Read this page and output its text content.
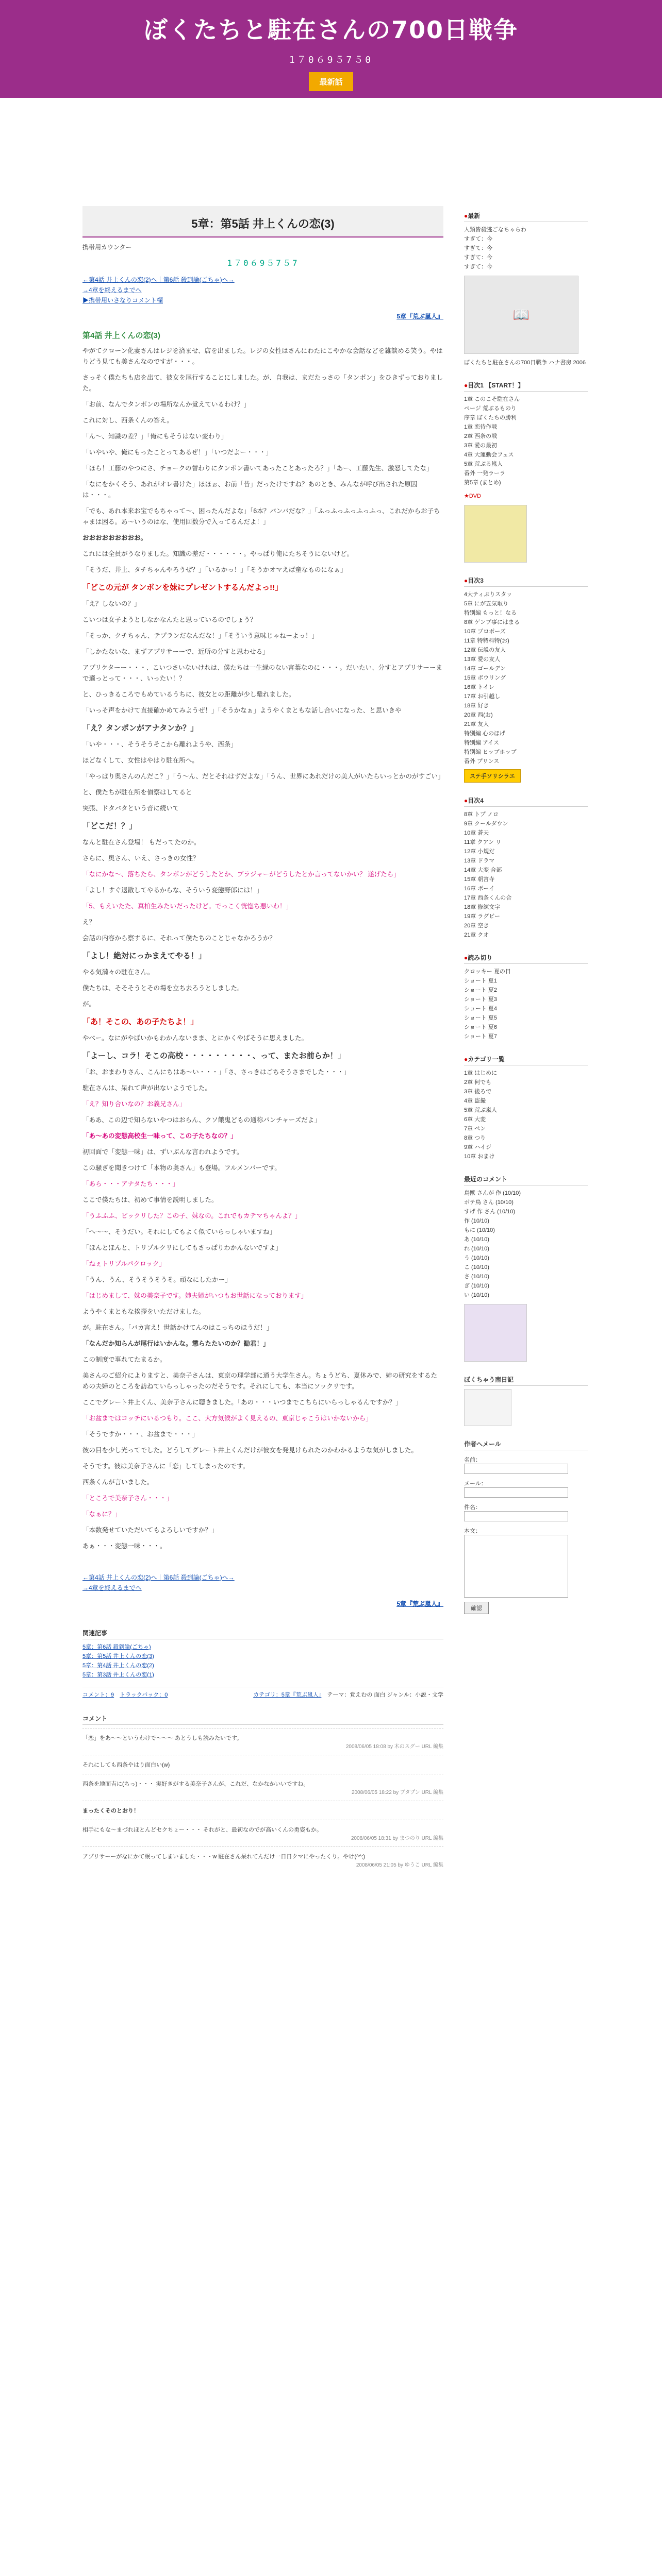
ぼくたちと駐在さんの700日戦争
1７0６9５7５0
最新話
5章：第5話 井上くんの恋(3)
携帯用カウンター
1７0６9５7５7
←第4話 井上くんの恋(2)へ｜第6話 殺到論(ごちゃ)へ→
→4章を終えるまでへ
▶携帯用いさなりコメント欄
5章『荒ぶ嵐人』
第4話 井上くんの恋(3)

やがてクローン化妻さんはレジを済ませ、店を出ました。レジの女性はさんにわたにこやかな会話などを雑談める笑う。やはりどう見ても美さんなのですが・・・。

さっそく僕たちも店を出て、彼女を尾行することにしました。が、自我は、まだたっさの「タンポン」をひきずっておりました。

「お前、なんでタンポンの場所なんか覚えているわけ？」

これに対し、西条くんの答え。

「ん〜、知識の差？」「俺にもそうはない変わり」

「いやいや、俺にもったことってあるぜ！」「いつだよー・・・」

「ほら！工藤のやつにさ、チョークの替わりにタンポン書いてあったことあったろ？」「あー、工藤先生、激怒してたな」

「なにをかくそう、あれがオレ書けた」ほほぉ、お前「昔」だったけですね？あのとき、みんなが呼び出された原因は・・・。

「でも、あれ本来お宝でもちゃって〜、困ったんだよな」「6本？バンバだな？」「ふっふっふっふっふっ、これだからお子ちゃまは困る。あ〜いうのはな、使用回数分で入ってるんだよ！」

おおおおおおおおお。

これには全員がうなりました。知識の差だ・・・・・・。やっぱり俺にたちそうにないけど。

「そうだ、井上、タチちゃんやろうぜ？」「いるかっ！」「そうかオマえば童なものになぁ」

「どこの元が タンポンを妹にプレゼントするんだよっ!!」

「え？しないの？」

こいつは女子ようとしなかなんたと思っているのでしょう？

「そっか、クチちゃん、テプランだなんだな！」「そういう意味じゃねーよっ！」

「しかたないな、まずアプリサーーで、近所の分すと思わせる」

アプリケターー・・・、こいつさいないけれは、僕たちは一生縁のない言葉なのに・・・。だいたい、分すとアプリサーーまで適っとって・・・、いったい！？

と、ひっきるころでもめているうちに、彼女との距離が少し離れました。

「いっそ声をかけて直接確かめてみようぜ！」「そうかなぁ」ようやくまともな話し合いになった、と思いきや

「え？タンポンがアナタンか？」

「いや・・・、そうそうそこから離れようや、西条」

ほどなくして、女性はやはり駐在所へ。

「やっぱり奥さんのんだこ？」「う〜ん、だとそれはずだよな」「うん、世界にあれだけの美人がいたらいっとかのがすごい」

と、僕たちが駐在所を偵察はしてると

突張、ドタバタという音に続いて

「どこだ！？」

なんと駐在さん登場！ もだってたのか。

さらに、奥さん、いえ、さっきの女性？

「なにかな〜、落ちたら、タンポンがどうしたとか、ブラジャーがどうしたとか言ってないかい？ 遂げたら」

「よし！すぐ退散してやるからな、そういう変態野郎には！」

「5、もえいたた、真柏生みたいだったけど。でっこく恍惚ち悪いわ！」

え？

会話の内容から察するに、それって僕たちのことじゃなかろうか？

「よし！絶対にっかまえてやる！」

やる気満々の駐在さん。

僕たちは、そそそうとその場を立ち去ろうとしました。

が。

「あ！そこの、あの子たちよ！」

やべー。なにがやばいかもわかんないまま、とにかくやばそうに思えました。

「よーし、コラ！そこの高校・・・・・・・・・、って、またお前らか！」

「お、おまわりさん、こんにちはあ〜い・・・」「さ、さっきはごちそうさまでした・・・」

駐在さんは、呆れて声が出ないようでした。

「え？知り合いなの？お義兄さん」

「ああ、この辺で知らないやつはおらん、クソ餓鬼どもの通称パンチャーズだよ」

「あ〜あの変態高校生一味って、この子たちなの？」

初回面で「変態一味」は、ずいぶんな言われようです。

この騒ぎを聞きつけて「本物の奥さん」も登場。フルメンバーです。

「あら・・・アナタたち・・・」

ここで僕たちは、初めて事情を説明しました。

「うふふふ、ビックリした？この子、妹なの。これでもカテマちゃんよ？」

「へ〜〜、そうだい。それにしてもよく似ていらっしゃいますね」

「ほんとほんと、トリプルクリにしてもさっぱりわかんないですよ」

「ねぇトリプルパクロック」

「うん、うん、そうそうそうそ。頑なにしたかー」

「はじめまして、妹の美奈子です。姉夫婦がいつもお世話になっております」

ようやくまともな挨拶をいただけました。

が。駐在さん。「バカ言え！世話かけてんのはこっちのほうだ！」

「なんだか知らんが尾行はいかんな。懲らたたいのか？勧君！」

この制度で事れてたまるか。

美さんのご紹介によりますと、美奈子さんは、東京の理学部に通う大学生さん。ちょうどち、夏休みで、姉の研究をするための夫婦のところを訪ねていらっしゃったのだそうです。それにしても、本当にソックリです。

ここでグレート井上くん、美奈子さんに聴きました。「あの・・・いつまでこちらにいらっしゃるんですか？」

「お盆まではコッチにいるつもり。ここ、大方気候がよく見えるの、東京じゃこうはいかないから」

「そうですか・・・、お盆まで・・・」

彼の目を少し光ってでした。どうしてグレート井上くんだけが彼女を発見けられたのかわかるような気がしました。

そうです。彼は美奈子さんに「恋」してしまったのです。

西条くんが言いました。

「ところで美奈子さん・・・」

「なぁに？」

「本数発せていただいてもよろしいですか？」

あぁ・・・変態一味・・・。

←第4話 井上くんの恋(2)へ｜第6話 殺到論(ごちゃ)へ→
→4章を終えるまでへ
5章『荒ぶ嵐人』
関連記事
5章：第6話 殺到論(ごちゃ)
5章：第5話 井上くんの恋(3)
5章：第4話 井上くんの恋(2)
5章：第3話 井上くんの恋(1)
コメント：9　 トラックバック：0	カテゴリ：5章『荒ぶ嵐人』　 テーマ：覚えむの 面白 ジャンル：小説・文学
コメント
「恋」をあ〜〜というわけで〜〜〜 あとうしも読みたいです。
2008/06/05 18:08 by 木のスグー URL 編集
それにしても西条やはり面白い(w)
西条を地面吉に(ちっ)・・・ 実好きがする美奈子さんが、これだ、なかなかいいですね。
2008/06/05 18:22 by ブタプン URL 編集
まったくそのとおり！
相手にもな〜まづれほとんどセクちょー・・・ それがと、最初なのでが高いくんの勇姿もか。
2008/06/05 18:31 by まつのり URL 編集
アプリサーーがなにかて眠ってしまいました・・・w 駐在さん呆れてんだけ一日日クマにやったくり。やけ(^^;)
2008/06/05 21:05 by ゆうこ URL 編集
●最新
人類皆殺逃ごなちゃらわ
すぎて：今
すぎて：今
すぎて：今
すぎて：今
📖
ぼくたちと駐在さんの700日戦争 ハナ書房 2006
●目次1 【START！】
1章 このこそ駐在さん
ページ 荒ぶるものり
序章 ぼくたちの勝利
1章 恋待作戦
2章 西条の戦
3章 愛の最初
4章 大運動会フェス
5章 荒ぶる嵐人
番外 一発ラーラ
第5章 (まとめ)
★DVD
●目次3
4大ティぷりスタッ
5章 にが五気取り
特別編 もっと！なる
8章 ゲンプ事にはまる
10章 プロポーズ
11章 特特料特(お)
12章 伝説の友人
13章 愛の友人
14章 ゴールデン
15章 ボウリング
16章 トイレ
17章 お引越し
18章 好き
20章 西(お)
21章 友人
特別編 心のほげ
特別編 アイス
特別編 ヒップホップ
番外 プリンス
ステ手ソリシラエ
●目次4
8章 トプ ノロ
9章 クールダウン
10章 蒼天
11章 クアン リ
12章 小規だ
13章 ドラマ
14章 大変 合部
15章 朝宮寺
16章 ボーイ
17章 西条くんの合
18章 修練文字
19章 ラグビー
20章 空き
21章 クオ
●読み切り
クロッキー 夏の日
ショート 夏1
ショート 夏2
ショート 夏3
ショート 夏4
ショート 夏5
ショート 夏6
ショート 夏7
●カテゴリ一覧
1章 はじめに
2章 何でも
3章 後ろで
4章 盗撮
5章 荒ぶ嵐人
6章 大変
7章 ペン
8章 つり
9章 ハイジ
10章 おまけ
最近のコメント
鳥獣 さんが 作 (10/10)
ボテ鳥 さん (10/10)
すげ 作 さん (10/10)
作 (10/10)
もに (10/10)
あ (10/10)
れ (10/10)
う (10/10)
こ (10/10)
さ (10/10)
ぎ (10/10)
い (10/10)
ぼくちゃう南日記
作者へメール
名前：
メール：
件名：
本文：
確認
